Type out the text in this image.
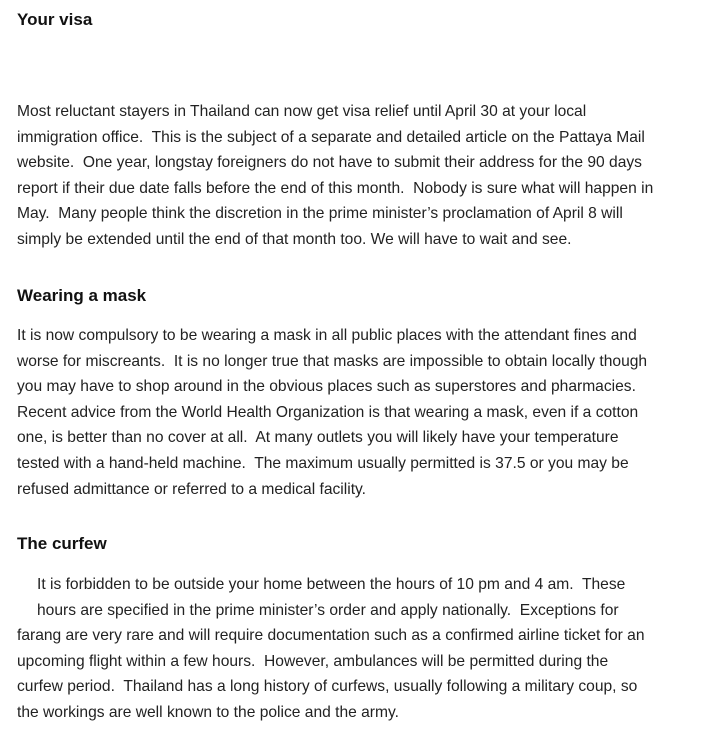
Your visa

Most reluctant stayers in Thailand can now get visa relief until April 30 at your local
immigration office.  This is the subject of a separate and detailed article on the Pattaya Mail
website.  One year, longstay foreigners do not have to submit their address for the 90 days
report if their due date falls before the end of this month.  Nobody is sure what will happen in
May.  Many people think the discretion in the prime minister’s proclamation of April 8 will
simply be extended until the end of that month too. We will have to wait and see.

Wearing a mask

It is now compulsory to be wearing a mask in all public places with the attendant fines and
worse for miscreants.  It is no longer true that masks are impossible to obtain locally though
you may have to shop around in the obvious places such as superstores and pharmacies.
Recent advice from the World Health Organization is that wearing a mask, even if a cotton
one, is better than no cover at all.  At many outlets you will likely have your temperature
tested with a hand-held machine.  The maximum usually permitted is 37.5 or you may be
refused admittance or referred to a medical facility.

The curfew

It is forbidden to be outside your home between the hours of 10 pm and 4 am.  These
hours are specified in the prime minister’s order and apply nationally.  Exceptions for

farang are very rare and will require documentation such as a confirmed airline ticket for an
upcoming flight within a few hours.  However, ambulances will be permitted during the
curfew period.  Thailand has a long history of curfews, usually following a military coup, so
the workings are well known to the police and the army.
